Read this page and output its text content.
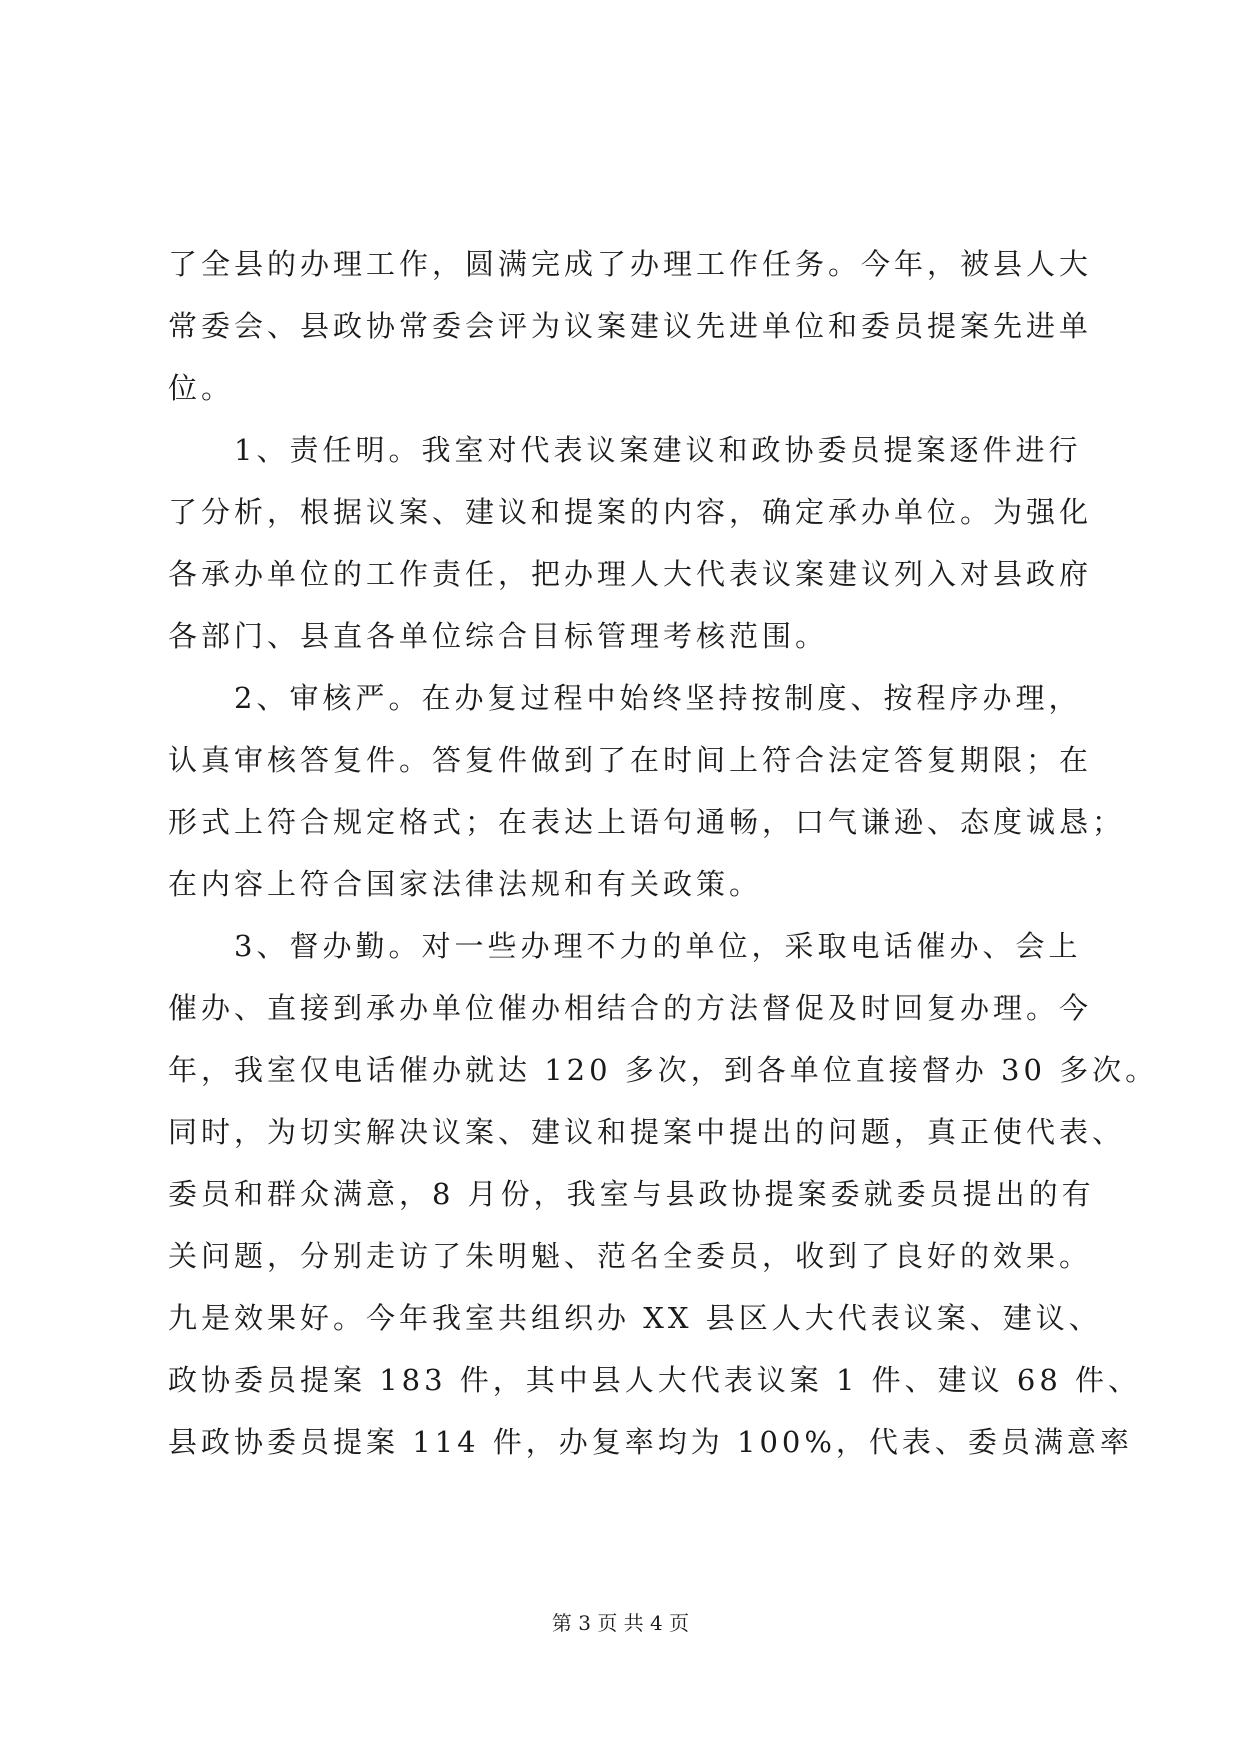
了全县的办理工作，圆满完成了办理工作任务。今年，被县人大
常委会、县政协常委会评为议案建议先进单位和委员提案先进单
位。
　　1、责任明。我室对代表议案建议和政协委员提案逐件进行
了分析，根据议案、建议和提案的内容，确定承办单位。为强化
各承办单位的工作责任，把办理人大代表议案建议列入对县政府
各部门、县直各单位综合目标管理考核范围。
　　2、审核严。在办复过程中始终坚持按制度、按程序办理，
认真审核答复件。答复件做到了在时间上符合法定答复期限；在
形式上符合规定格式；在表达上语句通畅，口气谦逊、态度诚恳；
在内容上符合国家法律法规和有关政策。
　　3、督办勤。对一些办理不力的单位，采取电话催办、会上
催办、直接到承办单位催办相结合的方法督促及时回复办理。今
年，我室仅电话催办就达 120 多次，到各单位直接督办 30 多次。
同时，为切实解决议案、建议和提案中提出的问题，真正使代表、
委员和群众满意，8 月份，我室与县政协提案委就委员提出的有
关问题，分别走访了朱明魁、范名全委员，收到了良好的效果。
九是效果好。今年我室共组织办 XX 县区人大代表议案、建议、
政协委员提案 183 件，其中县人大代表议案 1 件、建议 68 件、
县政协委员提案 114 件，办复率均为 100%，代表、委员满意率
第 3 页 共 4 页
